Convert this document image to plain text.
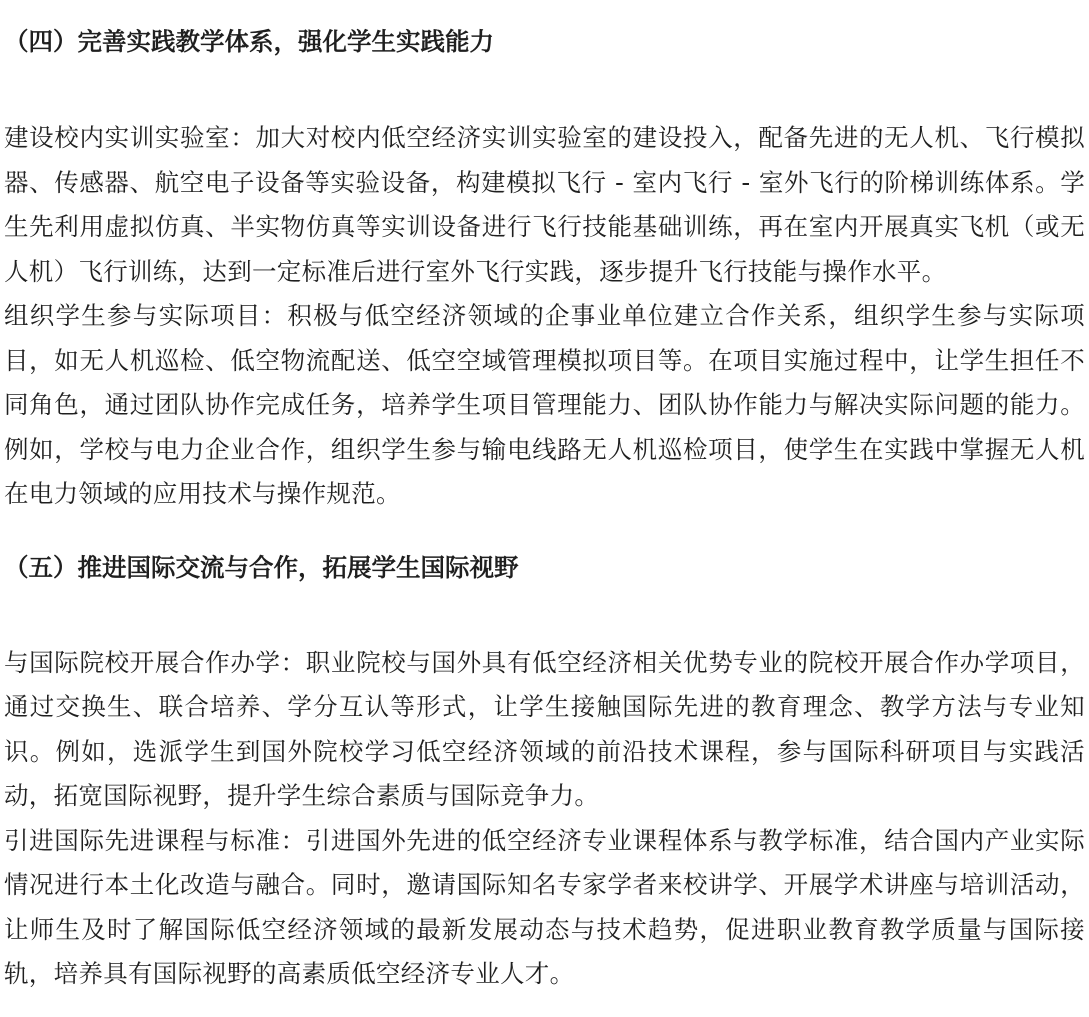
（四）完善实践教学体系，强化学生实践能力

建设校内实训实验室：加大对校内低空经济实训实验室的建设投入，配备先进的无人机、飞行模拟器、传感器、航空电子设备等实验设备，构建模拟飞行 - 室内飞行 - 室外飞行的阶梯训练体系。学生先利用虚拟仿真、半实物仿真等实训设备进行飞行技能基础训练，再在室内开展真实飞机（或无人机）飞行训练，达到一定标准后进行室外飞行实践，逐步提升飞行技能与操作水平。

组织学生参与实际项目：积极与低空经济领域的企事业单位建立合作关系，组织学生参与实际项目，如无人机巡检、低空物流配送、低空空域管理模拟项目等。在项目实施过程中，让学生担任不同角色，通过团队协作完成任务，培养学生项目管理能力、团队协作能力与解决实际问题的能力。例如，学校与电力企业合作，组织学生参与输电线路无人机巡检项目，使学生在实践中掌握无人机在电力领域的应用技术与操作规范。

（五）推进国际交流与合作，拓展学生国际视野

与国际院校开展合作办学：职业院校与国外具有低空经济相关优势专业的院校开展合作办学项目，通过交换生、联合培养、学分互认等形式，让学生接触国际先进的教育理念、教学方法与专业知识。例如，选派学生到国外院校学习低空经济领域的前沿技术课程，参与国际科研项目与实践活动，拓宽国际视野，提升学生综合素质与国际竞争力。

引进国际先进课程与标准：引进国外先进的低空经济专业课程体系与教学标准，结合国内产业实际情况进行本土化改造与融合。同时，邀请国际知名专家学者来校讲学、开展学术讲座与培训活动，让师生及时了解国际低空经济领域的最新发展动态与技术趋势，促进职业教育教学质量与国际接轨，培养具有国际视野的高素质低空经济专业人才。
